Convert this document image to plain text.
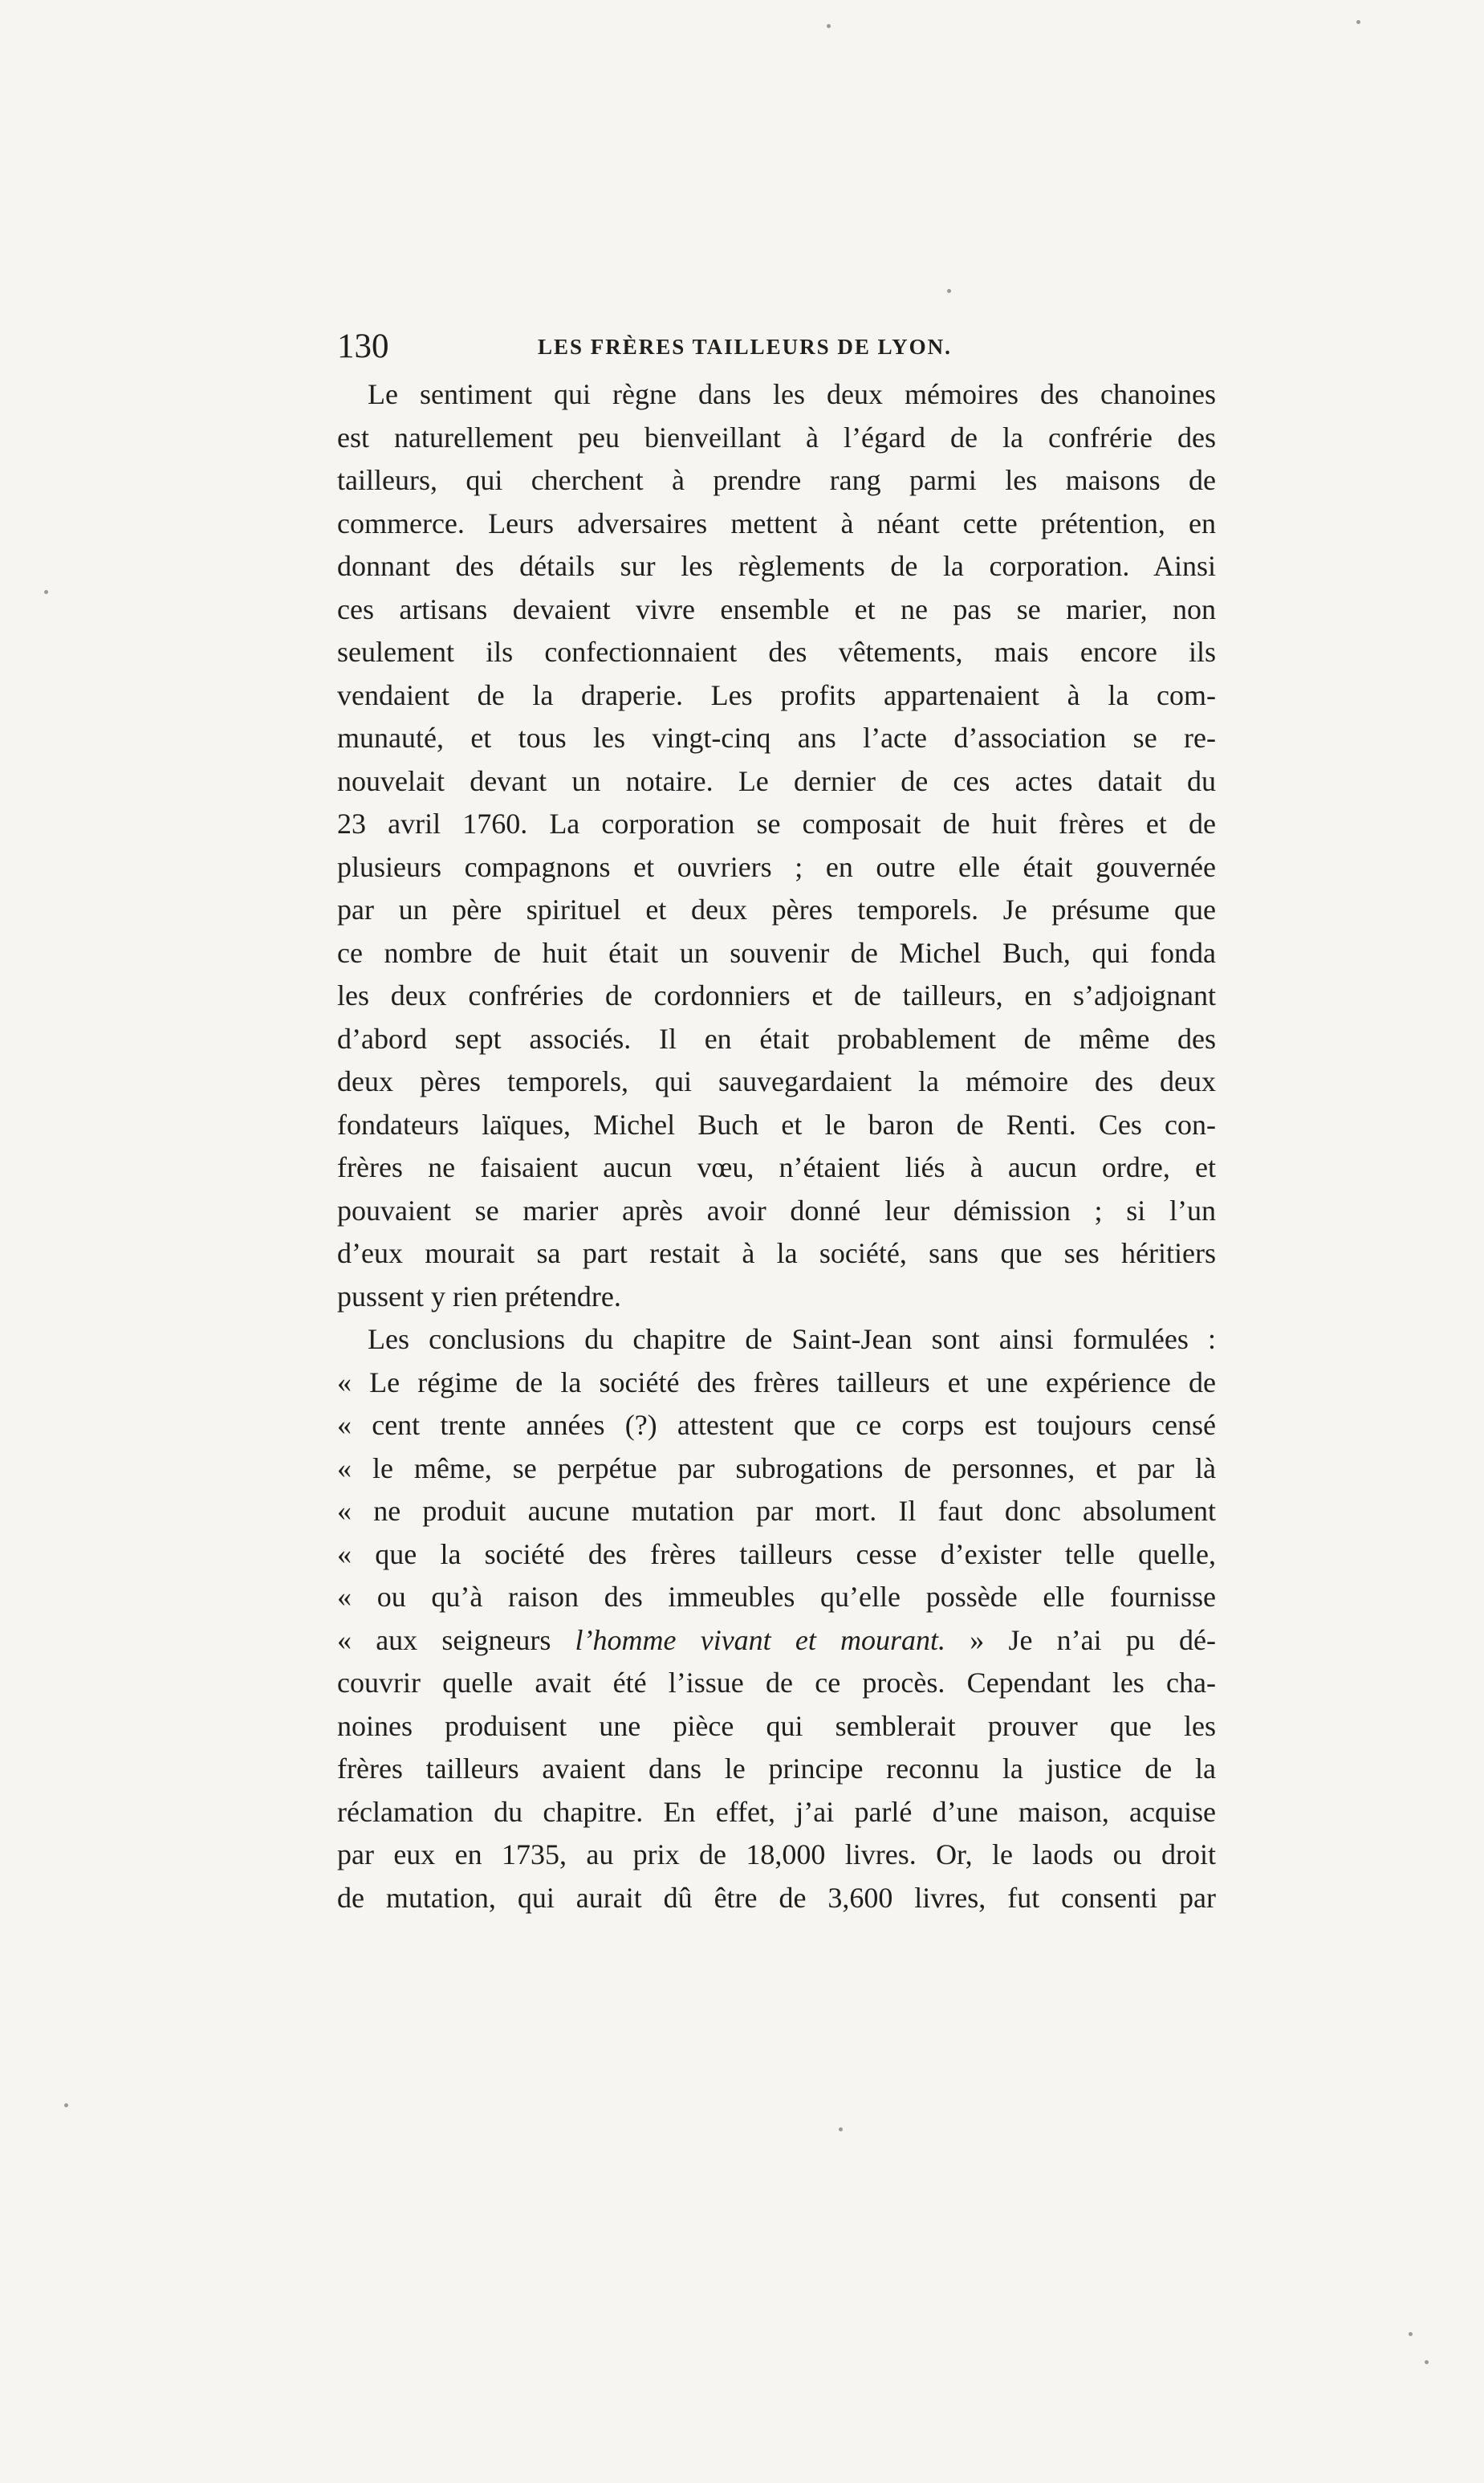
130	LES FRÈRES TAILLEURS DE LYON.
Le sentiment qui règne dans les deux mémoires des chanoines
est naturellement peu bienveillant à l’égard de la confrérie des
tailleurs, qui cherchent à prendre rang parmi les maisons de
commerce. Leurs adversaires mettent à néant cette prétention, en
donnant des détails sur les règlements de la corporation. Ainsi
ces artisans devaient vivre ensemble et ne pas se marier, non
seulement ils confectionnaient des vêtements, mais encore ils
vendaient de la draperie. Les profits appartenaient à la com-
munauté, et tous les vingt-cinq ans l’acte d’association se re-
nouvelait devant un notaire. Le dernier de ces actes datait du
23 avril 1760. La corporation se composait de huit frères et de
plusieurs compagnons et ouvriers ; en outre elle était gouvernée
par un père spirituel et deux pères temporels. Je présume que
ce nombre de huit était un souvenir de Michel Buch, qui fonda
les deux confréries de cordonniers et de tailleurs, en s’adjoignant
d’abord sept associés. Il en était probablement de même des
deux pères temporels, qui sauvegardaient la mémoire des deux
fondateurs laïques, Michel Buch et le baron de Renti. Ces con-
frères ne faisaient aucun vœu, n’étaient liés à aucun ordre, et
pouvaient se marier après avoir donné leur démission ; si l’un
d’eux mourait sa part restait à la société, sans que ses héritiers
pussent y rien prétendre.
Les conclusions du chapitre de Saint-Jean sont ainsi formulées :
« Le régime de la société des frères tailleurs et une expérience de
« cent trente années (?) attestent que ce corps est toujours censé
« le même, se perpétue par subrogations de personnes, et par là
« ne produit aucune mutation par mort. Il faut donc absolument
« que la société des frères tailleurs cesse d’exister telle quelle,
« ou qu’à raison des immeubles qu’elle possède elle fournisse
« aux seigneurs l’homme vivant et mourant. » Je n’ai pu dé-
couvrir quelle avait été l’issue de ce procès. Cependant les cha-
noines produisent une pièce qui semblerait prouver que les
frères tailleurs avaient dans le principe reconnu la justice de la
réclamation du chapitre. En effet, j’ai parlé d’une maison, acquise
par eux en 1735, au prix de 18,000 livres. Or, le laods ou droit
de mutation, qui aurait dû être de 3,600 livres, fut consenti par
